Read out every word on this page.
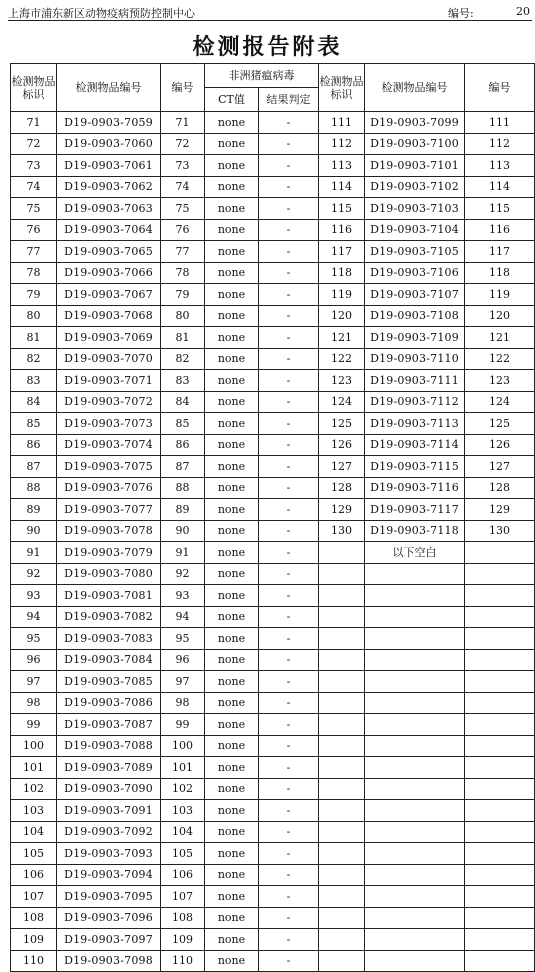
上海市浦东新区动物疫病预防控制中心	编号:	20
检测报告附表
检测物品标识	检测物品编号	编号	非洲猪瘟病毒		检测物品标识	检测物品编号	编号
			CT值	结果判定			
71	D19-0903-7059	71	none	-	111	D19-0903-7099	111
72	D19-0903-7060	72	none	-	112	D19-0903-7100	112
73	D19-0903-7061	73	none	-	113	D19-0903-7101	113
74	D19-0903-7062	74	none	-	114	D19-0903-7102	114
75	D19-0903-7063	75	none	-	115	D19-0903-7103	115
76	D19-0903-7064	76	none	-	116	D19-0903-7104	116
77	D19-0903-7065	77	none	-	117	D19-0903-7105	117
78	D19-0903-7066	78	none	-	118	D19-0903-7106	118
79	D19-0903-7067	79	none	-	119	D19-0903-7107	119
80	D19-0903-7068	80	none	-	120	D19-0903-7108	120
81	D19-0903-7069	81	none	-	121	D19-0903-7109	121
82	D19-0903-7070	82	none	-	122	D19-0903-7110	122
83	D19-0903-7071	83	none	-	123	D19-0903-7111	123
84	D19-0903-7072	84	none	-	124	D19-0903-7112	124
85	D19-0903-7073	85	none	-	125	D19-0903-7113	125
86	D19-0903-7074	86	none	-	126	D19-0903-7114	126
87	D19-0903-7075	87	none	-	127	D19-0903-7115	127
88	D19-0903-7076	88	none	-	128	D19-0903-7116	128
89	D19-0903-7077	89	none	-	129	D19-0903-7117	129
90	D19-0903-7078	90	none	-	130	D19-0903-7118	130
91	D19-0903-7079	91	none	-		以下空白	
92	D19-0903-7080	92	none	-			
93	D19-0903-7081	93	none	-			
94	D19-0903-7082	94	none	-			
95	D19-0903-7083	95	none	-			
96	D19-0903-7084	96	none	-			
97	D19-0903-7085	97	none	-			
98	D19-0903-7086	98	none	-			
99	D19-0903-7087	99	none	-			
100	D19-0903-7088	100	none	-			
101	D19-0903-7089	101	none	-			
102	D19-0903-7090	102	none	-			
103	D19-0903-7091	103	none	-			
104	D19-0903-7092	104	none	-			
105	D19-0903-7093	105	none	-			
106	D19-0903-7094	106	none	-			
107	D19-0903-7095	107	none	-			
108	D19-0903-7096	108	none	-			
109	D19-0903-7097	109	none	-			
110	D19-0903-7098	110	none	-			
